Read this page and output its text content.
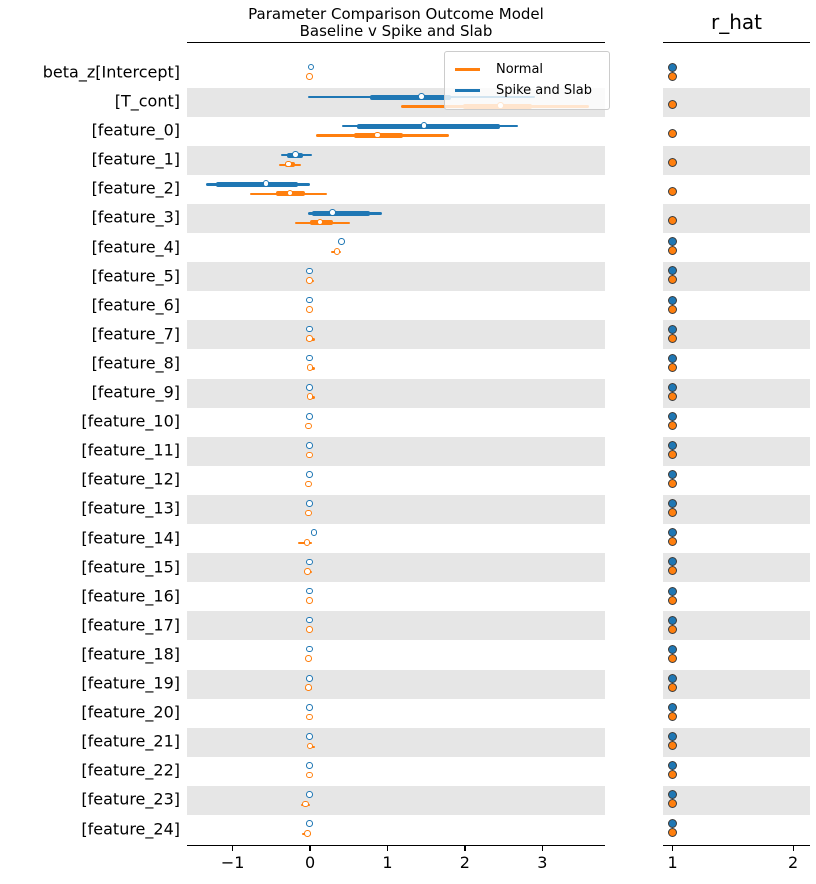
Parameter Comparison Outcome Model
Baseline v Spike and Slab	r_hat
beta_z[Intercept]
[T_cont]
[feature_0]
[feature_1]
[feature_2]
[feature_3]
[feature_4]
[feature_5]
[feature_6]
[feature_7]
[feature_8]
[feature_9]
[feature_10]
[feature_11]
[feature_12]
[feature_13]
[feature_14]
[feature_15]
[feature_16]
[feature_17]
[feature_18]
[feature_19]
[feature_20]
[feature_21]
[feature_22]
[feature_23]
[feature_24]
Normal
Spike and Slab
−1	0	1	2	3	1	2
